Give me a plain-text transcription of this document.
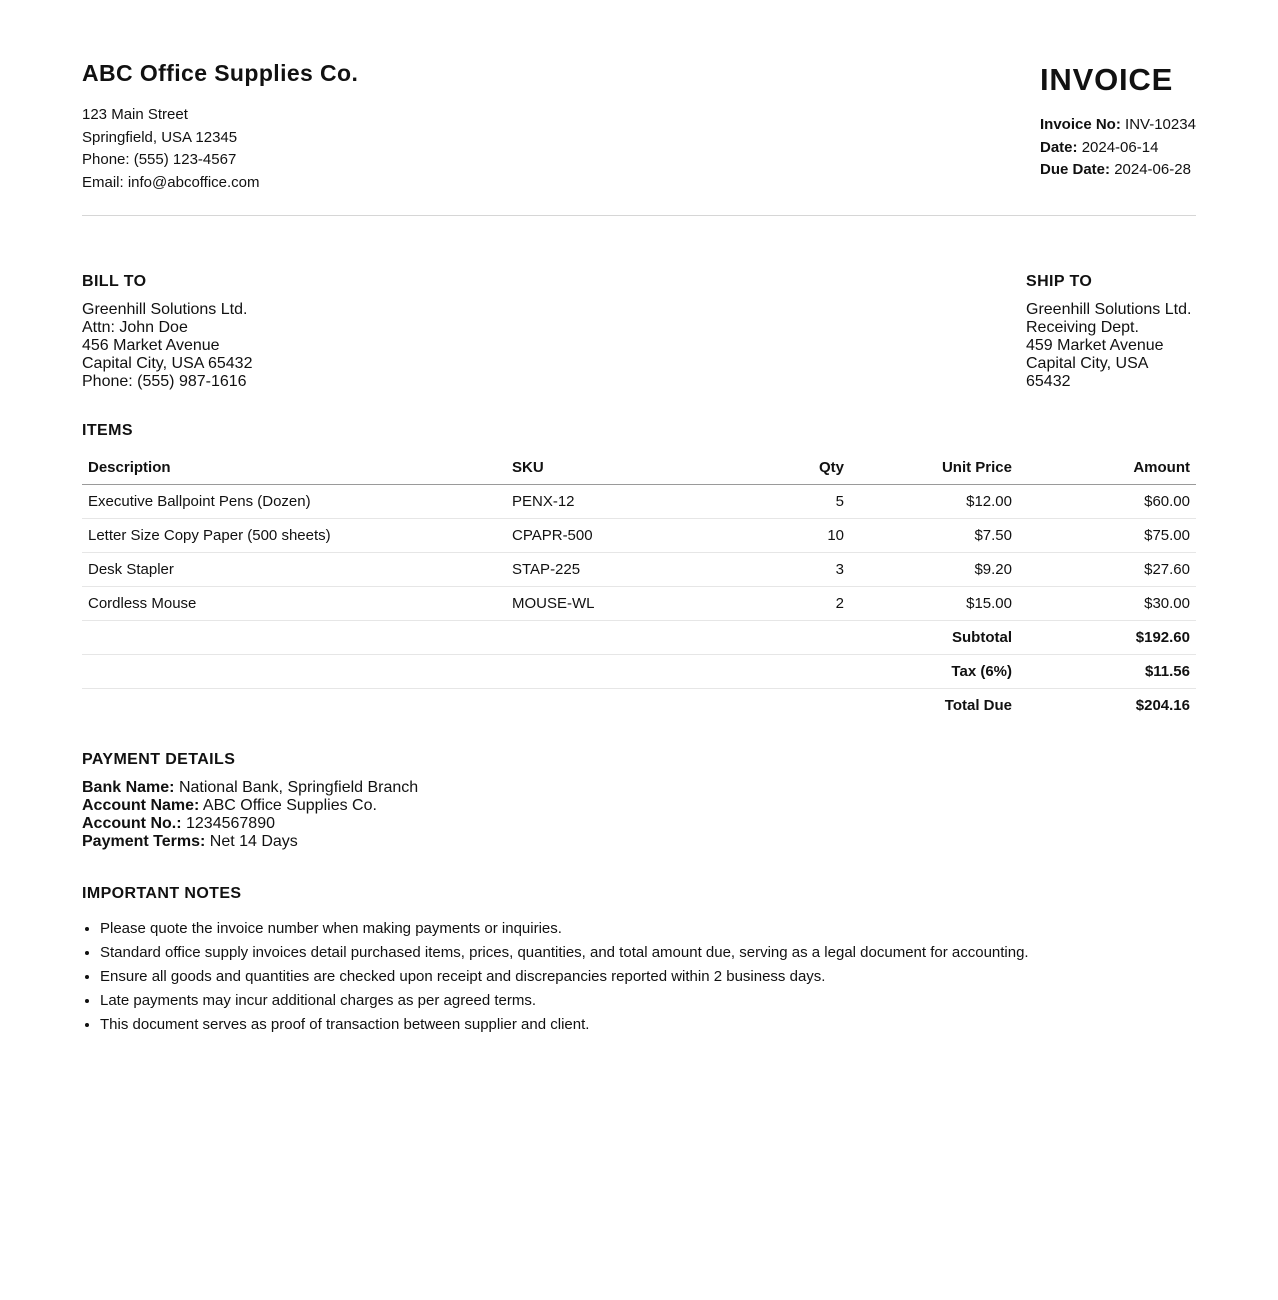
ABC Office Supplies Co.
123 Main Street
Springfield, USA 12345
Phone: (555) 123-4567
Email: info@abcoffice.com
INVOICE
Invoice No: INV-10234
Date: 2024-06-14
Due Date: 2024-06-28
BILL TO
Greenhill Solutions Ltd.
Attn: John Doe
456 Market Avenue
Capital City, USA 65432
Phone: (555) 987-1616
SHIP TO
Greenhill Solutions Ltd.
Receiving Dept.
459 Market Avenue
Capital City, USA 65432
ITEMS
Description	SKU	Qty	Unit Price	Amount
Executive Ballpoint Pens (Dozen)	PENX-12	5	$12.00	$60.00
Letter Size Copy Paper (500 sheets)	CPAPR-500	10	$7.50	$75.00
Desk Stapler	STAP-225	3	$9.20	$27.60
Cordless Mouse	MOUSE-WL	2	$15.00	$30.00
			Subtotal	$192.60
			Tax (6%)	$11.56
			Total Due	$204.16
PAYMENT DETAILS
Bank Name: National Bank, Springfield Branch
Account Name: ABC Office Supplies Co.
Account No.: 1234567890
Payment Terms: Net 14 Days
IMPORTANT NOTES
• Please quote the invoice number when making payments or inquiries.
• Standard office supply invoices detail purchased items, prices, quantities, and total amount due, serving as a legal document for accounting.
• Ensure all goods and quantities are checked upon receipt and discrepancies reported within 2 business days.
• Late payments may incur additional charges as per agreed terms.
• This document serves as proof of transaction between supplier and client.
